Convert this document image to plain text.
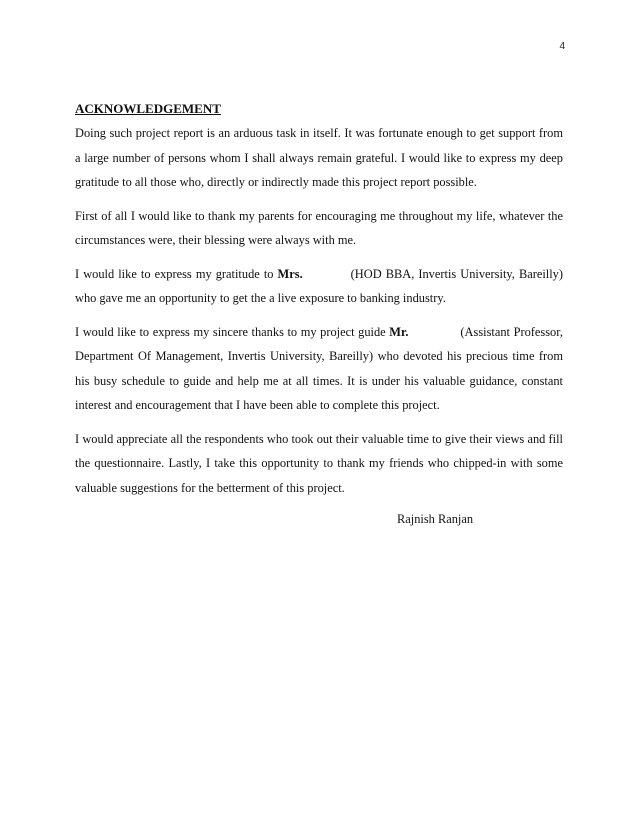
4

ACKNOWLEDGEMENT

Doing such project report is an arduous task in itself. It was fortunate enough to get support from a large number of persons whom I shall always remain grateful. I would like to express my deep gratitude to all those who, directly or indirectly made this project report possible.

First of all I would like to thank my parents for encouraging me throughout my life, whatever the circumstances were, their blessing were always with me.

I would like to express my gratitude to Mrs.	(HOD BBA, Invertis University, Bareilly) who gave me an opportunity to get the a live exposure to banking industry.

I would like to express my sincere thanks to my project guide Mr.	(Assistant Professor, Department Of Management, Invertis University, Bareilly) who devoted his precious time from his busy schedule to guide and help me at all times. It is under his valuable guidance, constant interest and encouragement that I have been able to complete this project.

I would appreciate all the respondents who took out their valuable time to give their views and fill the questionnaire. Lastly, I take this opportunity to thank my friends who chipped-in with some valuable suggestions for the betterment of this project.

Rajnish Ranjan
